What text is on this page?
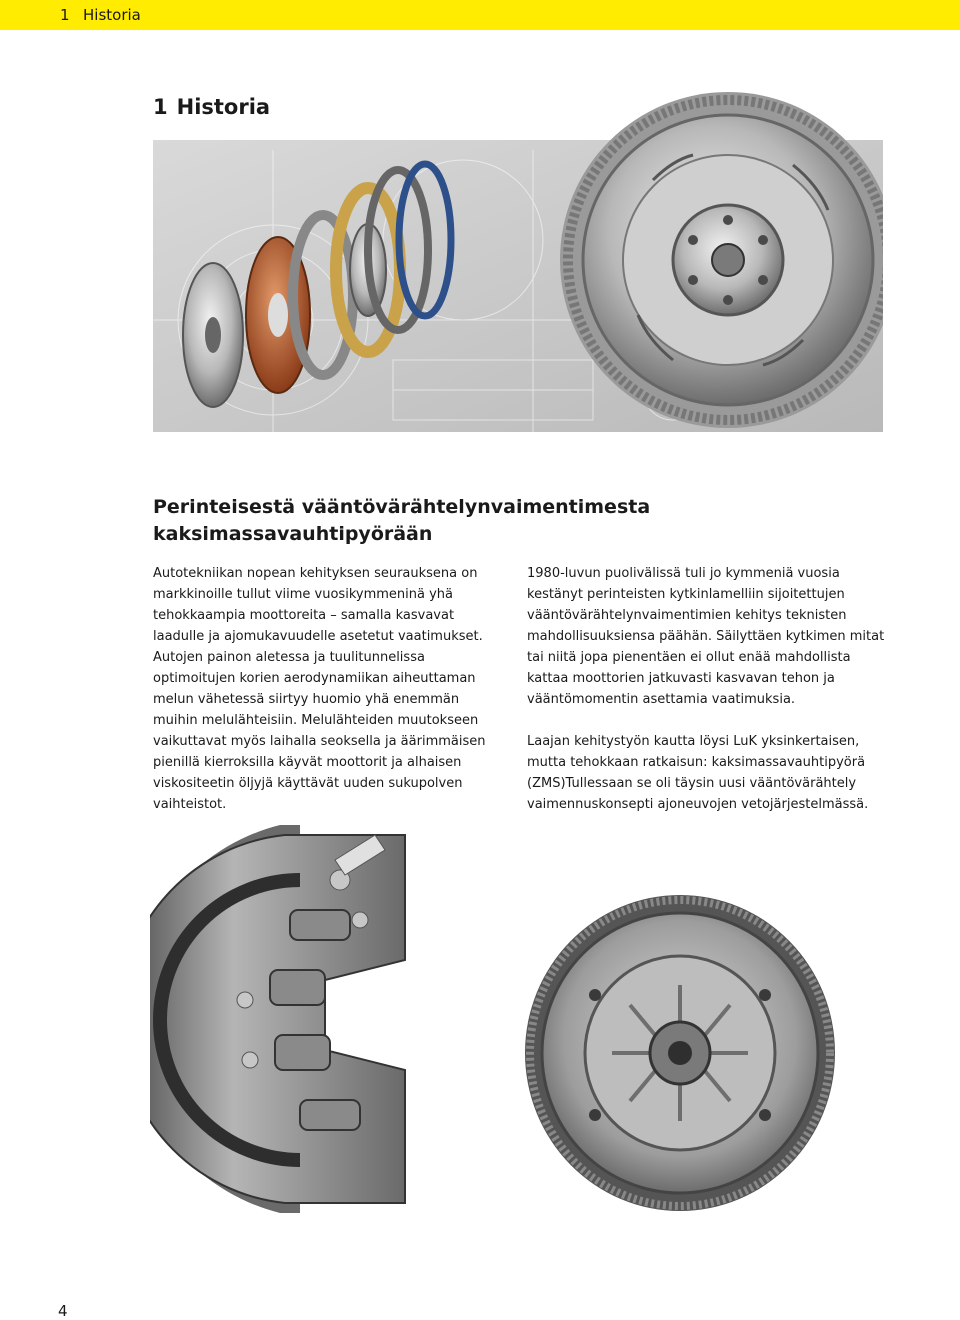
1 Historia
1 Historia
Perinteisestä vääntövärähtelynvaimentimesta kaksimassavauhtipyörään

Autotekniikan nopean kehityksen seurauksena on markkinoille tullut viime vuosikymmeninä yhä tehokkaampia moottoreita – samalla kasvavat laadulle ja ajomukavuudelle asetetut vaatimukset. Autojen painon aletessa ja tuulitunnelissa optimoitujen korien aerodynamiikan aiheuttaman melun vähetessä siirtyy huomio yhä enemmän muihin melulähteisiin. Melulähteiden muutokseen vaikuttavat myös laihalla seoksella ja äärimmäisen pienillä kierroksilla käyvät moottorit ja alhaisen viskositeetin öljyjä käyttävät uuden sukupolven vaihteistot.

1980-luvun puolivälissä tuli jo kymmeniä vuosia kestänyt perinteisten kytkinlamelliin sijoitettujen vääntövärähtelynvaimentimien kehitys teknisten mahdollisuuksiensa päähän. Säilyttäen kytkimen mitat tai niitä jopa pienentäen ei ollut enää mahdollista kattaa moottorien jatkuvasti kasvavan tehon ja vääntömomentin asettamia vaatimuksia.

Laajan kehitystyön kautta löysi LuK yksinkertaisen, mutta tehokkaan ratkaisun: kaksimassavauhtipyörä (ZMS)Tullessaan se oli täysin uusi vääntövärähtely vaimennuskonsepti ajoneuvojen vetojärjestelmässä.

4
